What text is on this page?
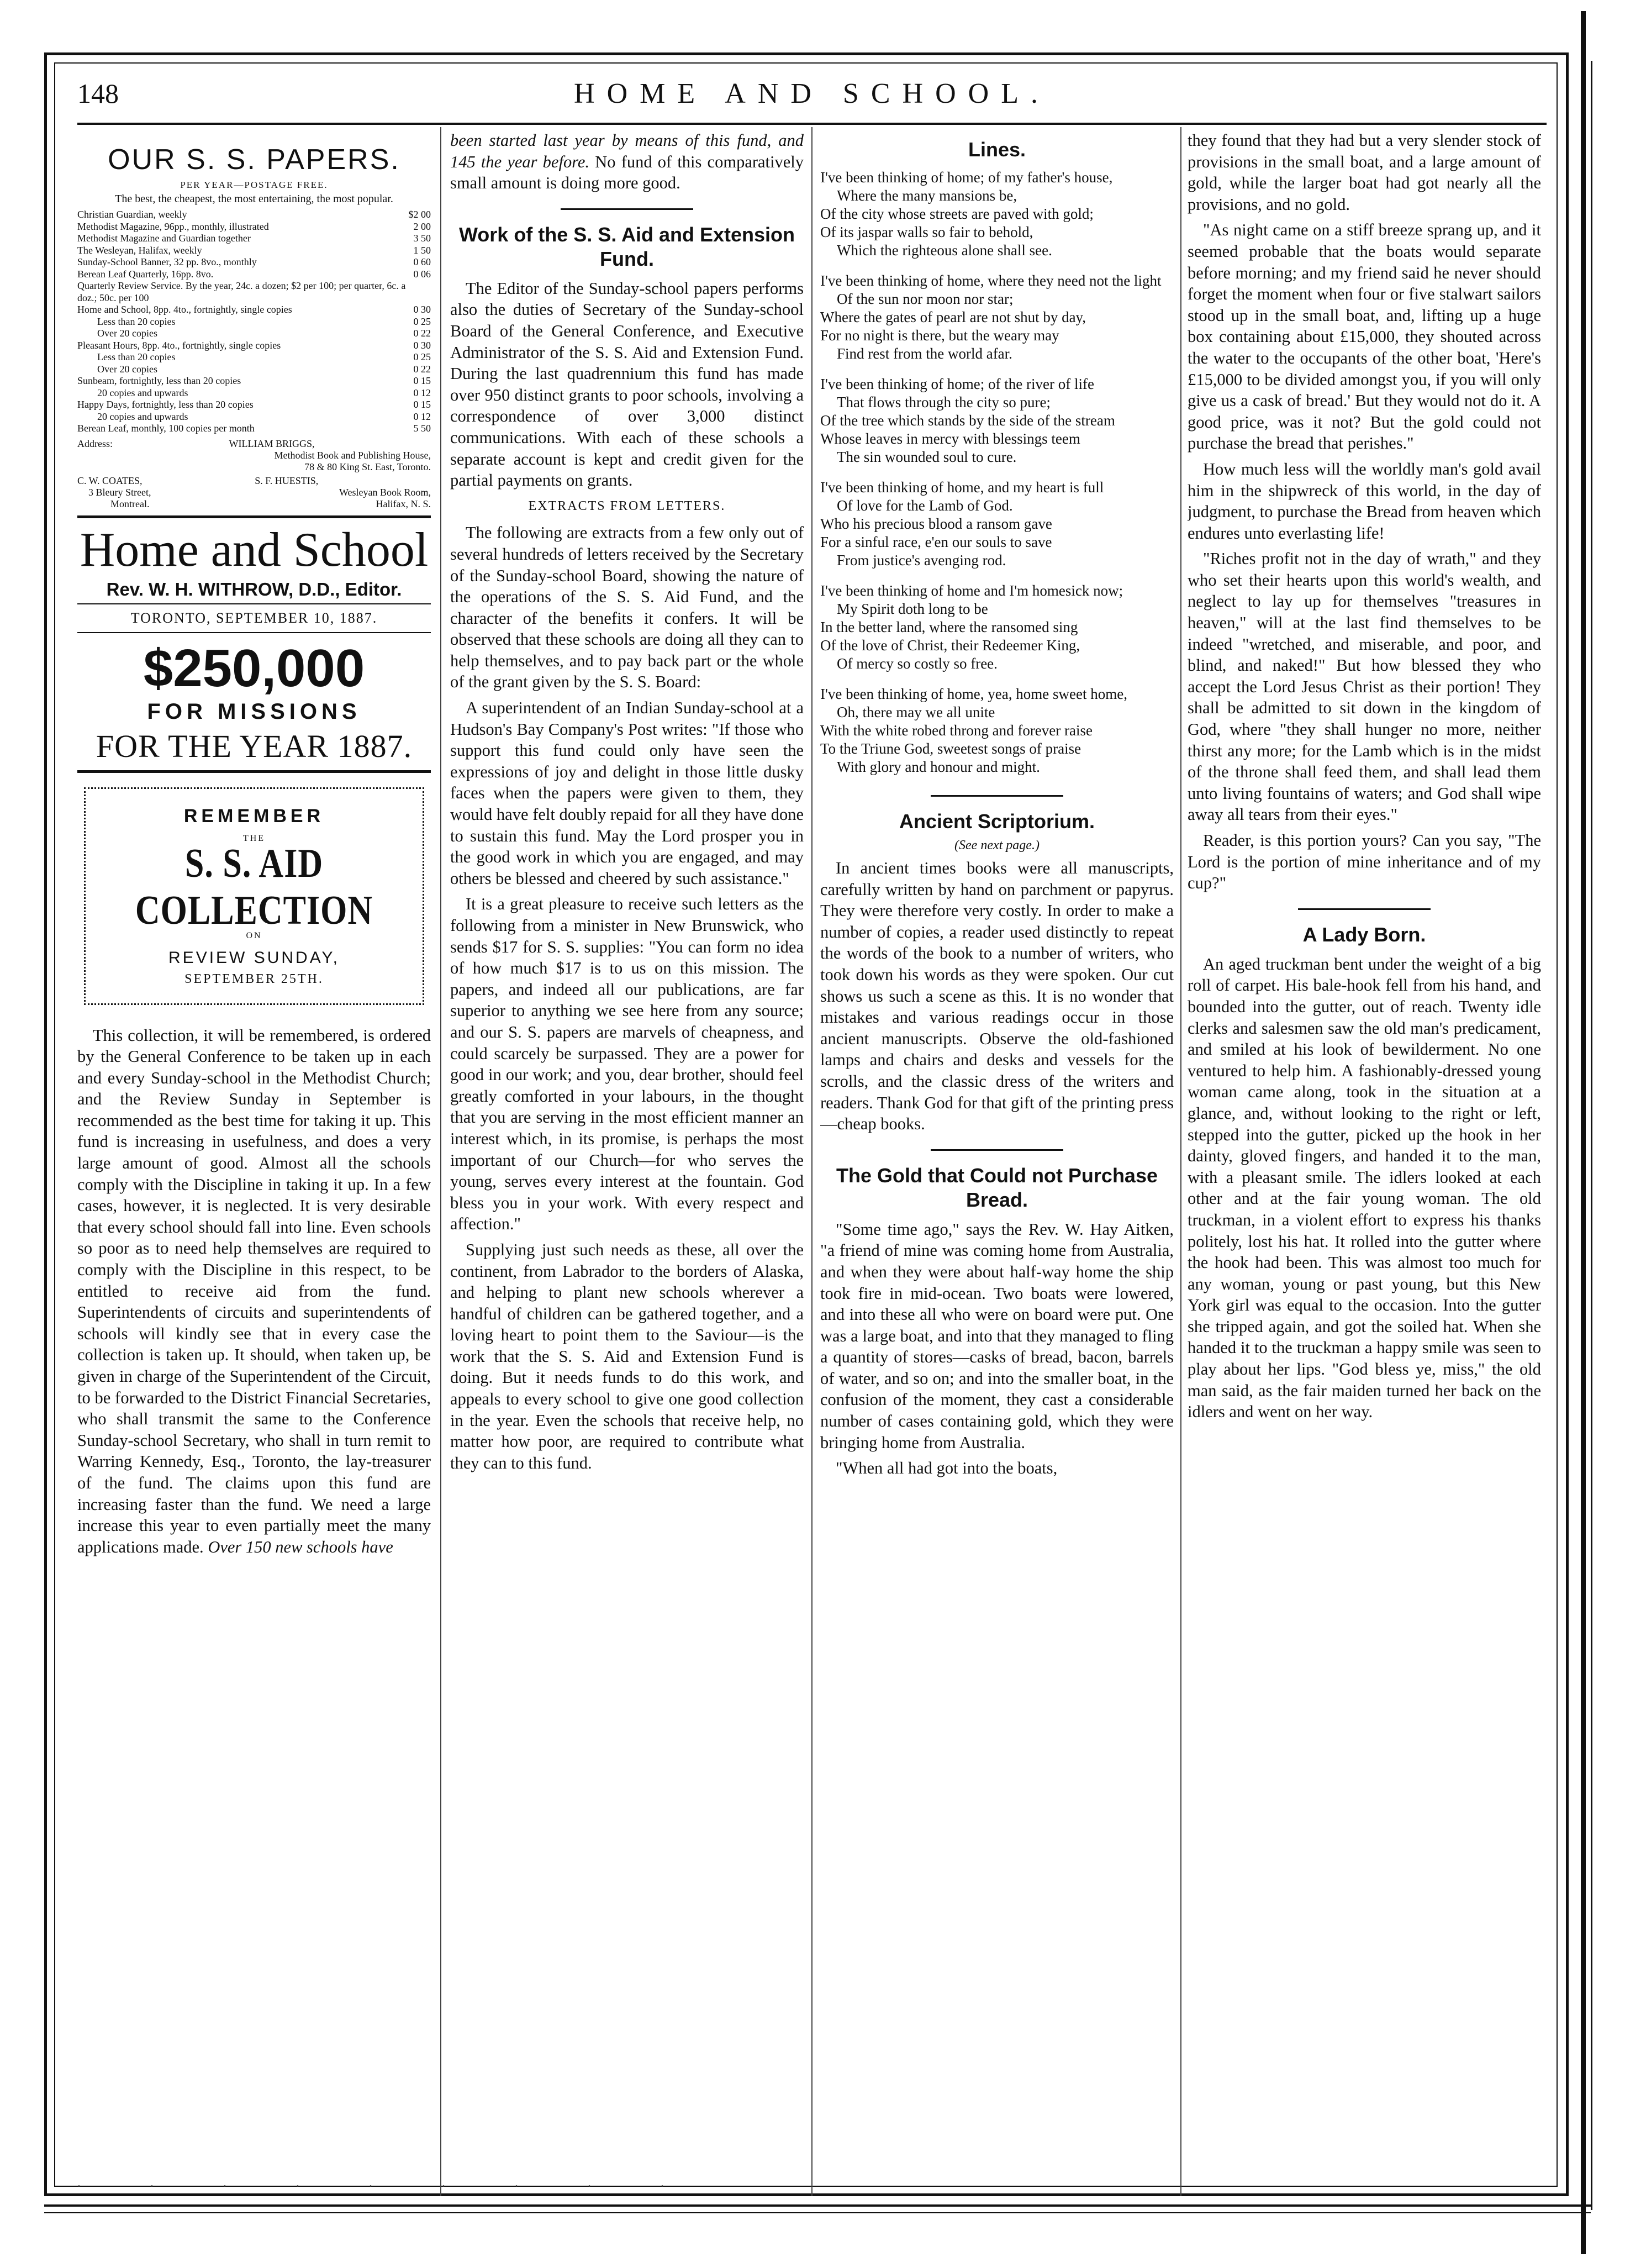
148	HOME AND SCHOOL.
OUR S. S. PAPERS.
PER YEAR—POSTAGE FREE.
The best, the cheapest, the most entertaining, the most popular.
Christian Guardian, weekly	$2 00
Methodist Magazine, 96pp., monthly, illustrated	2 00
Methodist Magazine and Guardian together	3 50
The Wesleyan, Halifax, weekly	1 50
Sunday-School Banner, 32 pp. 8vo., monthly	0 60
Berean Leaf Quarterly, 16pp. 8vo.	0 06
Quarterly Review Service. By the year, 24c. a dozen; $2 per 100; per quarter, 6c. a doz.; 50c. per 100
Home and School, 8pp. 4to., fortnightly, single copies	0 30
Less than 20 copies	0 25
Over 20 copies	0 22
Pleasant Hours, 8pp. 4to., fortnightly, single copies	0 30
Less than 20 copies	0 25
Over 20 copies	0 22
Sunbeam, fortnightly, less than 20 copies	0 15
20 copies and upwards	0 12
Happy Days, fortnightly, less than 20 copies	0 15
20 copies and upwards	0 12
Berean Leaf, monthly, 100 copies per month	5 50
Address:	WILLIAM BRIGGS,
Methodist Book and Publishing House,
78 & 80 King St. East, Toronto.
C. W. COATES,	S. F. HUESTIS,
3 Bleury Street,	Wesleyan Book Room,
Montreal.	Halifax, N. S.
Home and School
Rev. W. H. WITHROW, D.D., Editor.
TORONTO, SEPTEMBER 10, 1887.
$250,000
FOR MISSIONS
FOR THE YEAR 1887.
REMEMBER
THE
S. S. AID COLLECTION
ON
REVIEW SUNDAY,
SEPTEMBER 25TH.

This collection, it will be remembered, is ordered by the General Conference to be taken up in each and every Sunday-school in the Methodist Church; and the Review Sunday in September is recommended as the best time for taking it up. This fund is increasing in usefulness, and does a very large amount of good. Almost all the schools comply with the Discipline in taking it up. In a few cases, however, it is neglected. It is very desirable that every school should fall into line. Even schools so poor as to need help themselves are required to comply with the Discipline in this respect, to be entitled to receive aid from the fund. Superintendents of circuits and superintendents of schools will kindly see that in every case the collection is taken up. It should, when taken up, be given in charge of the Superintendent of the Circuit, to be forwarded to the District Financial Secretaries, who shall transmit the same to the Conference Sunday-school Secretary, who shall in turn remit to Warring Kennedy, Esq., Toronto, the lay-treasurer of the fund. The claims upon this fund are increasing faster than the fund. We need a large increase this year to even partially meet the many applications made. Over 150 new schools have

been started last year by means of this fund, and 145 the year before. No fund of this comparatively small amount is doing more good.

Work of the S. S. Aid and Extension Fund.

The Editor of the Sunday-school papers performs also the duties of Secretary of the Sunday-school Board of the General Conference, and Executive Administrator of the S. S. Aid and Extension Fund. During the last quadrennium this fund has made over 950 distinct grants to poor schools, involving a correspondence of over 3,000 distinct communications. With each of these schools a separate account is kept and credit given for the partial payments on grants.

EXTRACTS FROM LETTERS.

The following are extracts from a few only out of several hundreds of letters received by the Secretary of the Sunday-school Board, showing the nature of the operations of the S. S. Aid Fund, and the character of the benefits it confers. It will be observed that these schools are doing all they can to help themselves, and to pay back part or the whole of the grant given by the S. S. Board:

A superintendent of an Indian Sunday-school at a Hudson's Bay Company's Post writes: "If those who support this fund could only have seen the expressions of joy and delight in those little dusky faces when the papers were given to them, they would have felt doubly repaid for all they have done to sustain this fund. May the Lord prosper you in the good work in which you are engaged, and may others be blessed and cheered by such assistance."

It is a great pleasure to receive such letters as the following from a minister in New Brunswick, who sends $17 for S. S. supplies: "You can form no idea of how much $17 is to us on this mission. The papers, and indeed all our publications, are far superior to anything we see here from any source; and our S. S. papers are marvels of cheapness, and could scarcely be surpassed. They are a power for good in our work; and you, dear brother, should feel greatly comforted in your labours, in the thought that you are serving in the most efficient manner an interest which, in its promise, is perhaps the most important of our Church—for who serves the young, serves every interest at the fountain. God bless you in your work. With every respect and affection."

Supplying just such needs as these, all over the continent, from Labrador to the borders of Alaska, and helping to plant new schools wherever a handful of children can be gathered together, and a loving heart to point them to the Saviour—is the work that the S. S. Aid and Extension Fund is doing. But it needs funds to do this work, and appeals to every school to give one good collection in the year. Even the schools that receive help, no matter how poor, are required to contribute what they can to this fund.

Lines.
I've been thinking of home; of my father's house,
Where the many mansions be,
Of the city whose streets are paved with gold;
Of its jaspar walls so fair to behold,
Which the righteous alone shall see.
I've been thinking of home, where they need not the light
Of the sun nor moon nor star;
Where the gates of pearl are not shut by day,
For no night is there, but the weary may
Find rest from the world afar.
I've been thinking of home; of the river of life
That flows through the city so pure;
Of the tree which stands by the side of the stream
Whose leaves in mercy with blessings teem
The sin wounded soul to cure.
I've been thinking of home, and my heart is full
Of love for the Lamb of God.
Who his precious blood a ransom gave
For a sinful race, e'en our souls to save
From justice's avenging rod.
I've been thinking of home and I'm homesick now;
My Spirit doth long to be
In the better land, where the ransomed sing
Of the love of Christ, their Redeemer King,
Of mercy so costly so free.
I've been thinking of home, yea, home sweet home,
Oh, there may we all unite
With the white robed throng and forever raise
To the Triune God, sweetest songs of praise
With glory and honour and might.
Ancient Scriptorium.
(See next page.)

In ancient times books were all manuscripts, carefully written by hand on parchment or papyrus. They were therefore very costly. In order to make a number of copies, a reader used distinctly to repeat the words of the book to a number of writers, who took down his words as they were spoken. Our cut shows us such a scene as this. It is no wonder that mistakes and various readings occur in those ancient manuscripts. Observe the old-fashioned lamps and chairs and desks and vessels for the scrolls, and the classic dress of the writers and readers. Thank God for that gift of the printing press—cheap books.

The Gold that Could not Purchase Bread.

"Some time ago," says the Rev. W. Hay Aitken, "a friend of mine was coming home from Australia, and when they were about half-way home the ship took fire in mid-ocean. Two boats were lowered, and into these all who were on board were put. One was a large boat, and into that they managed to fling a quantity of stores—casks of bread, bacon, barrels of water, and so on; and into the smaller boat, in the confusion of the moment, they cast a considerable number of cases containing gold, which they were bringing home from Australia.

"When all had got into the boats,

they found that they had but a very slender stock of provisions in the small boat, and a large amount of gold, while the larger boat had got nearly all the provisions, and no gold.

"As night came on a stiff breeze sprang up, and it seemed probable that the boats would separate before morning; and my friend said he never should forget the moment when four or five stalwart sailors stood up in the small boat, and, lifting up a huge box containing about £15,000, they shouted across the water to the occupants of the other boat, 'Here's £15,000 to be divided amongst you, if you will only give us a cask of bread.' But they would not do it. A good price, was it not? But the gold could not purchase the bread that perishes."

How much less will the worldly man's gold avail him in the shipwreck of this world, in the day of judgment, to purchase the Bread from heaven which endures unto everlasting life!

"Riches profit not in the day of wrath," and they who set their hearts upon this world's wealth, and neglect to lay up for themselves "treasures in heaven," will at the last find themselves to be indeed "wretched, and miserable, and poor, and blind, and naked!" But how blessed they who accept the Lord Jesus Christ as their portion! They shall be admitted to sit down in the kingdom of God, where "they shall hunger no more, neither thirst any more; for the Lamb which is in the midst of the throne shall feed them, and shall lead them unto living fountains of waters; and God shall wipe away all tears from their eyes."

Reader, is this portion yours? Can you say, "The Lord is the portion of mine inheritance and of my cup?"

A Lady Born.

An aged truckman bent under the weight of a big roll of carpet. His bale-hook fell from his hand, and bounded into the gutter, out of reach. Twenty idle clerks and salesmen saw the old man's predicament, and smiled at his look of bewilderment. No one ventured to help him. A fashionably-dressed young woman came along, took in the situation at a glance, and, without looking to the right or left, stepped into the gutter, picked up the hook in her dainty, gloved fingers, and handed it to the man, with a pleasant smile. The idlers looked at each other and at the fair young woman. The old truckman, in a violent effort to express his thanks politely, lost his hat. It rolled into the gutter where the hook had been. This was almost too much for any woman, young or past young, but this New York girl was equal to the occasion. Into the gutter she tripped again, and got the soiled hat. When she handed it to the truckman a happy smile was seen to play about her lips. "God bless ye, miss," the old man said, as the fair maiden turned her back on the idlers and went on her way.

. . . . . . . . .
